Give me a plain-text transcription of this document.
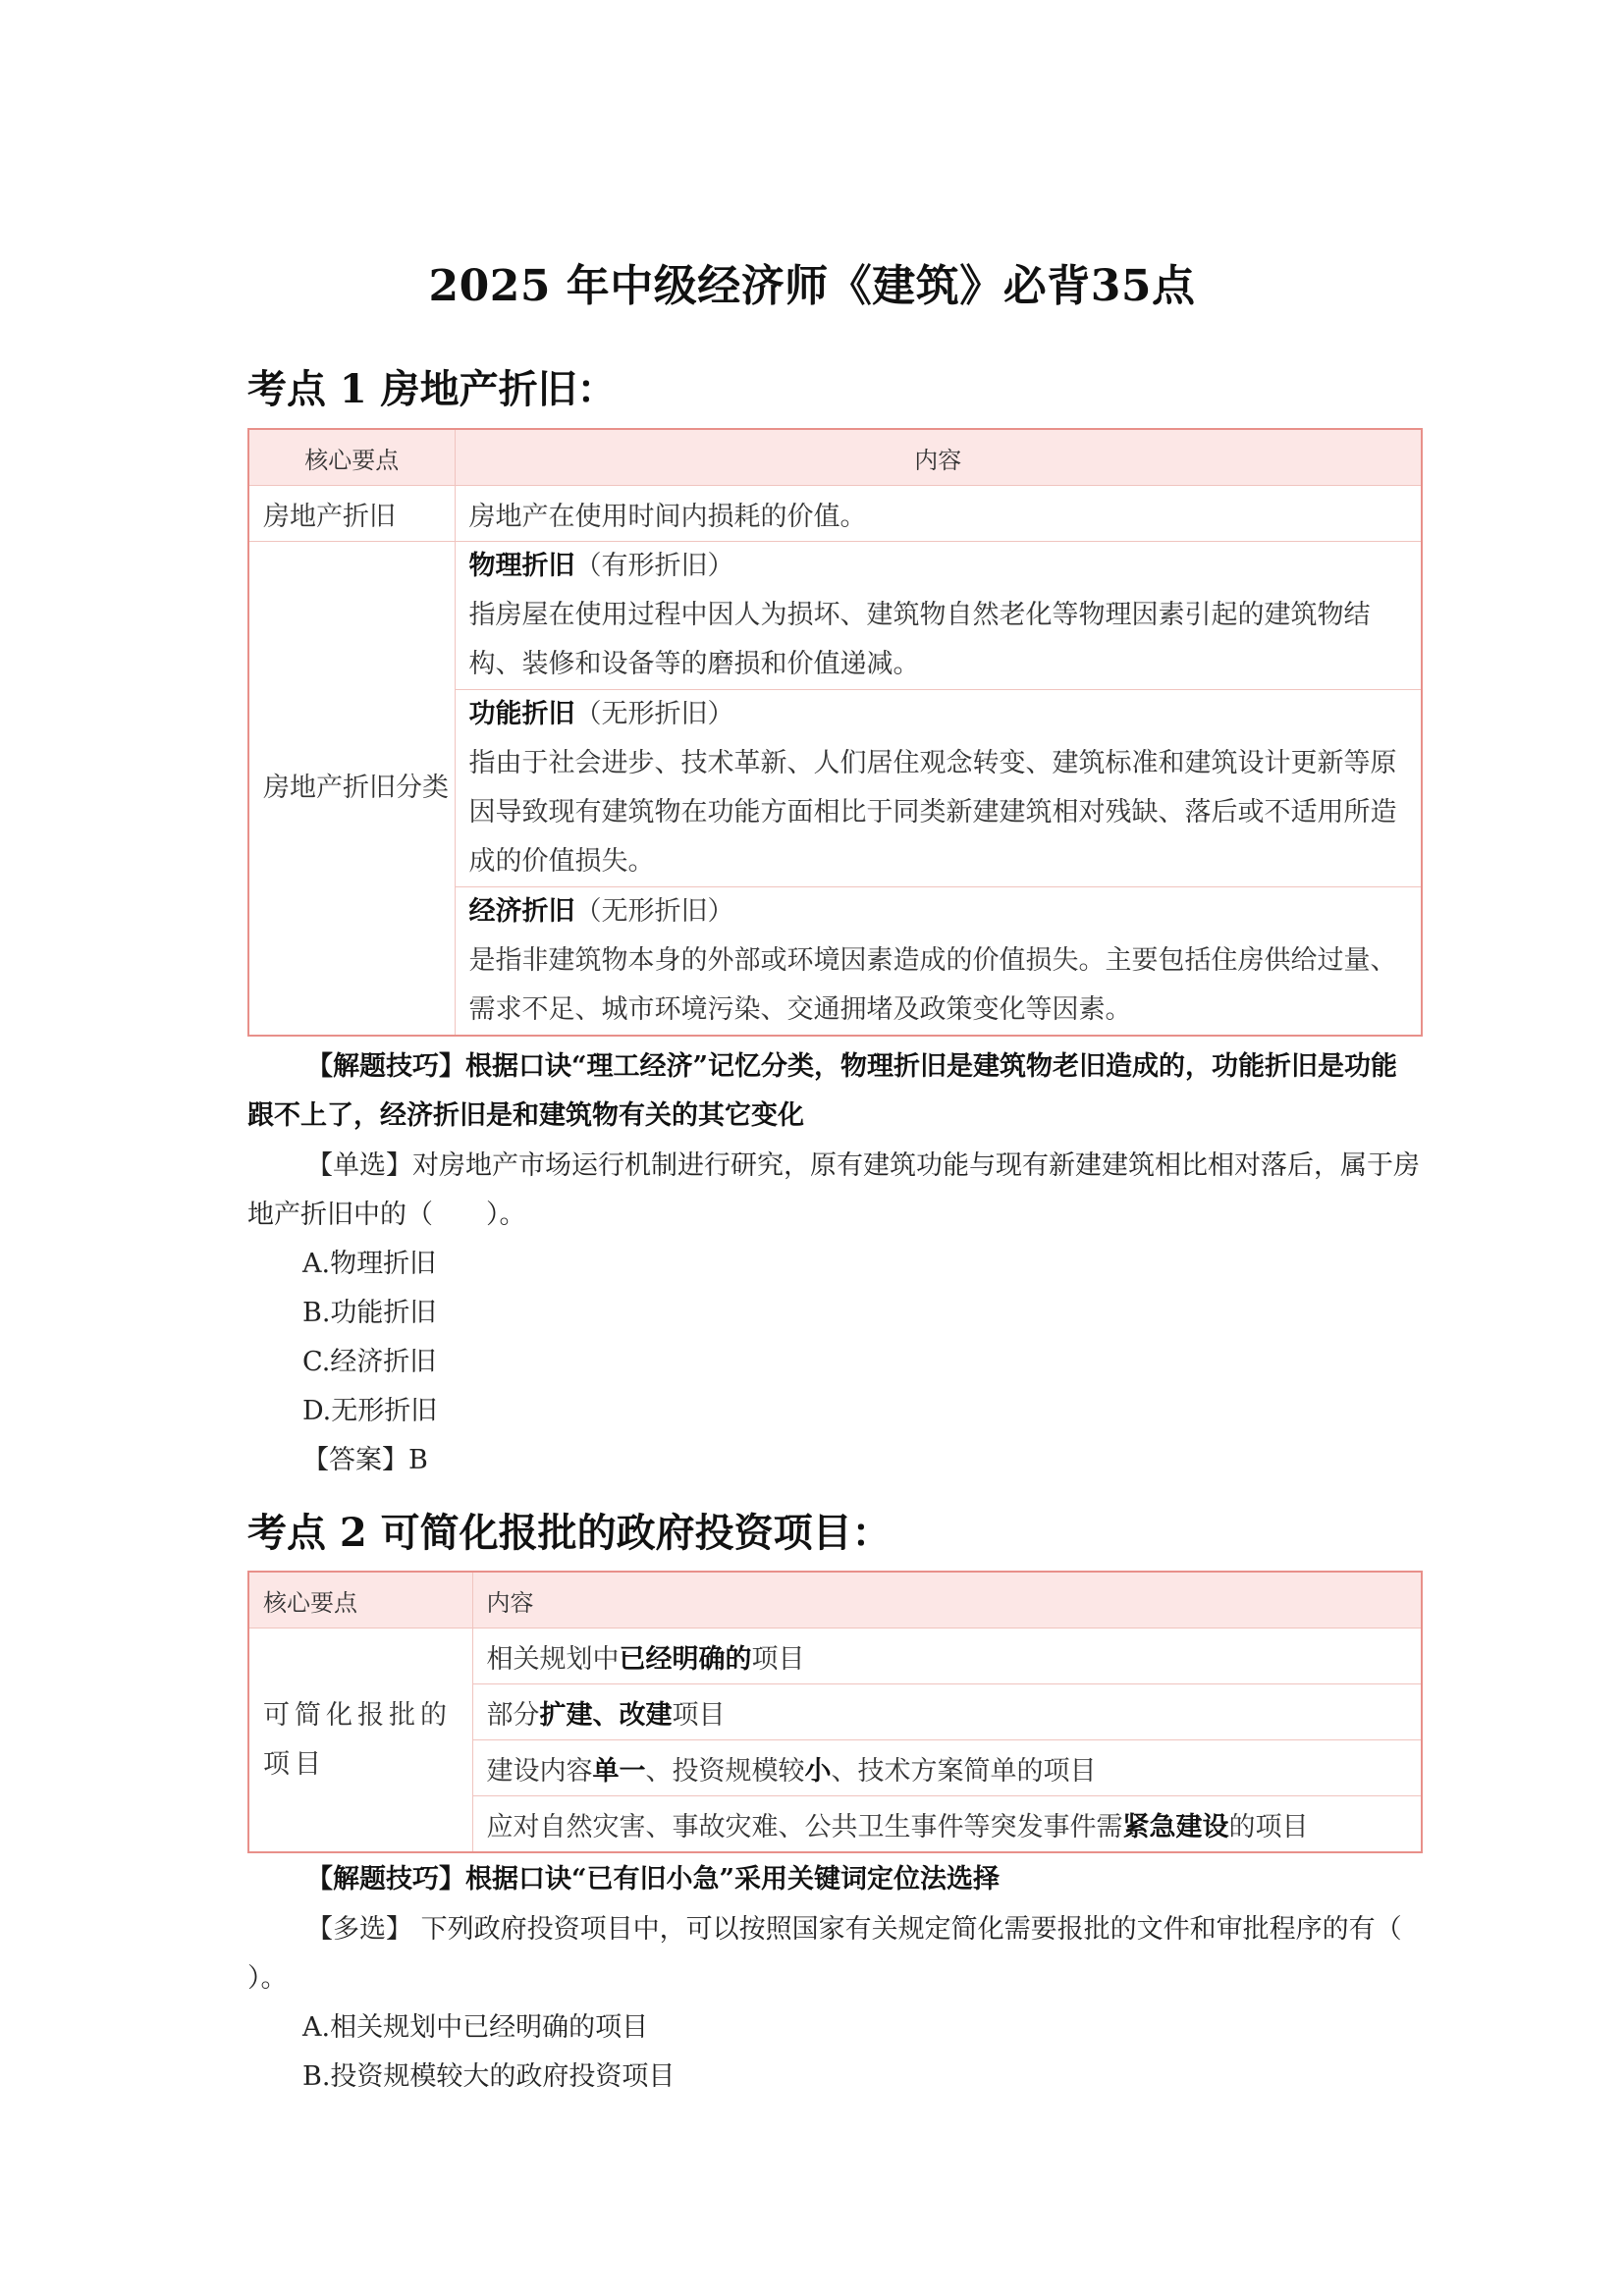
2025 年中级经济师《建筑》必背35点
考点 1 房地产折旧：
核心要点	内容
房地产折旧	房地产在使用时间内损耗的价值。
房地产折旧分类	物理折旧（有形折旧）
指房屋在使用过程中因人为损坏、建筑物自然老化等物理因素引起的建筑物结构、装修和设备等的磨损和价值递减。

	功能折旧（无形折旧）
指由于社会进步、技术革新、人们居住观念转变、建筑标准和建筑设计更新等原因导致现有建筑物在功能方面相比于同类新建建筑相对残缺、落后或不适用所造成的价值损失。

	经济折旧（无形折旧）
是指非建筑物本身的外部或环境因素造成的价值损失。主要包括住房供给过量、需求不足、城市环境污染、交通拥堵及政策变化等因素。
【解题技巧】根据口诀“理工经济”记忆分类，物理折旧是建筑物老旧造成的，功能折旧是功能跟不上了，经济折旧是和建筑物有关的其它变化
【单选】对房地产市场运行机制进行研究，原有建筑功能与现有新建建筑相比相对落后，属于房地产折旧中的（　　）。
A.物理折旧
B.功能折旧
C.经济折旧
D.无形折旧
【答案】B
考点 2 可简化报批的政府投资项目：
核心要点	内容
可简化报批的项目	相关规划中已经明确的项目
	部分扩建、改建项目
	建设内容单一、投资规模较小、技术方案简单的项目
	应对自然灾害、事故灾难、公共卫生事件等突发事件需紧急建设的项目
【解题技巧】根据口诀“已有旧小急”采用关键词定位法选择
【多选】 下列政府投资项目中，可以按照国家有关规定简化需要报批的文件和审批程序的有（ ）。
A.相关规划中已经明确的项目
B.投资规模较大的政府投资项目
